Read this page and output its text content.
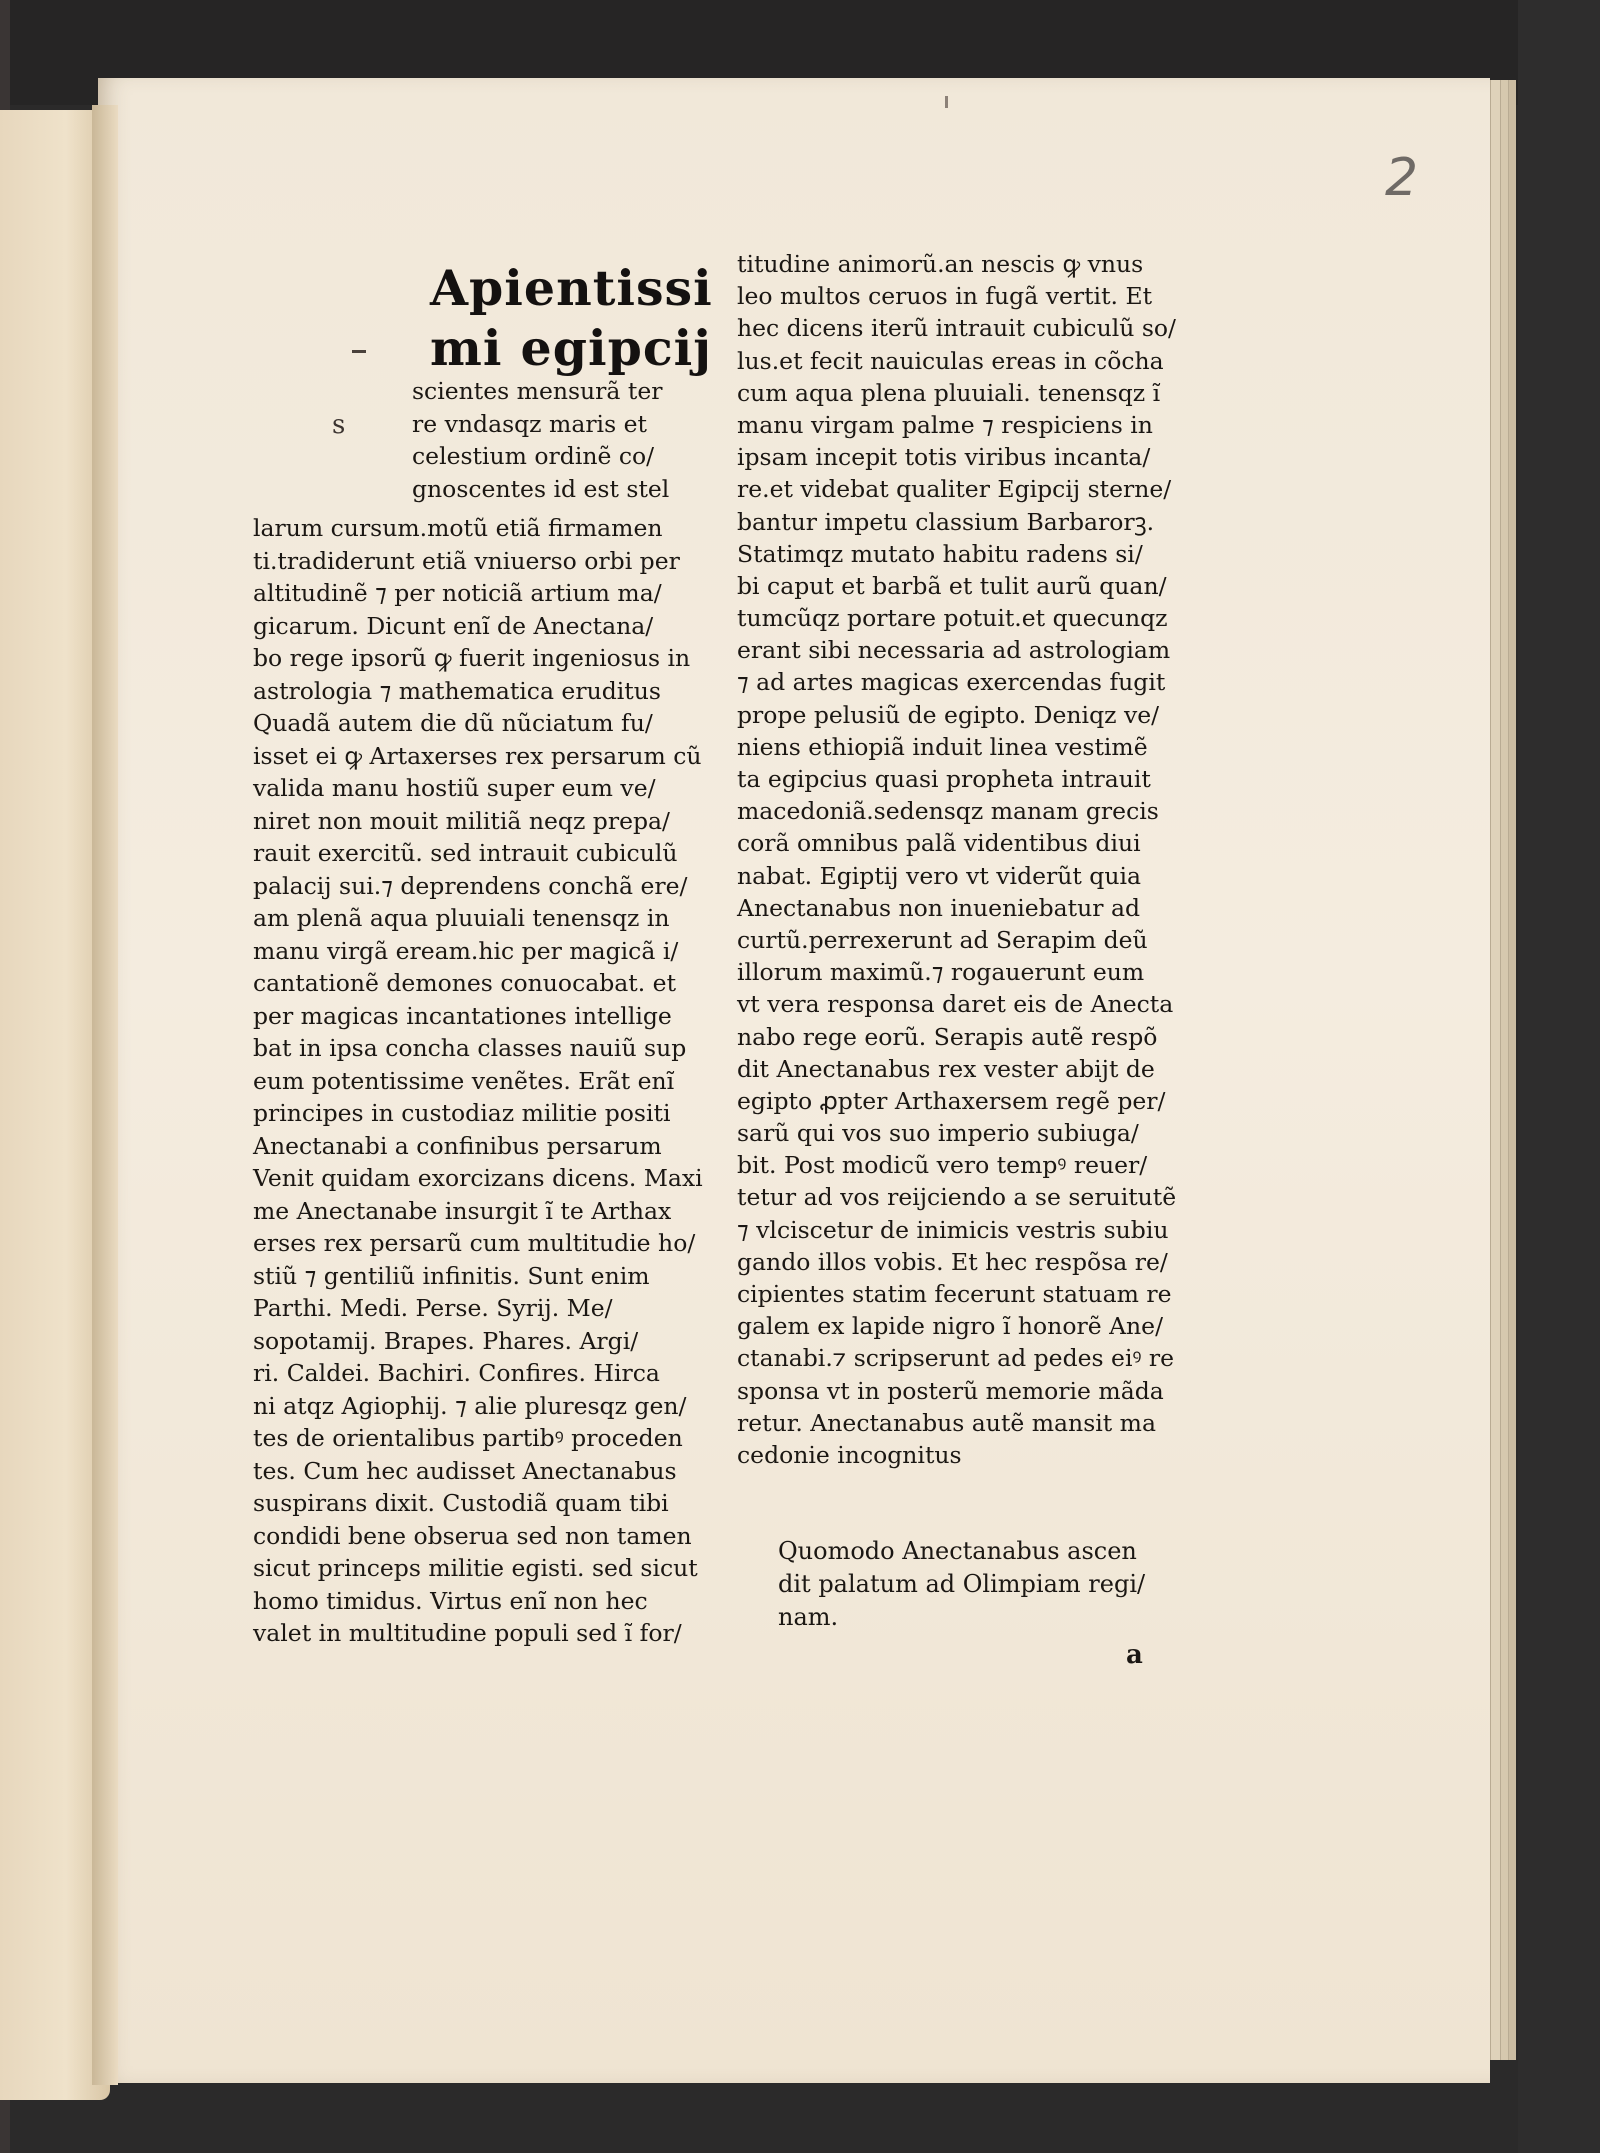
2
Apientissi
mi egipcij
s
scientes mensurã ter
re vndasqz maris et
celestium ordinẽ co/
gnoscentes id est stel
larum cursum.motũ etiã firmamen
ti.tradiderunt etiã vniuerso orbi per
altitudinẽ ⁊ per noticiã artium ma/
gicarum. Dicunt enĩ de Anectana/
bo rege ipsorũ ꝙ fuerit ingeniosus in
astrologia ⁊ mathematica eruditus
Quadã autem die dũ nũciatum fu/
isset ei ꝙ Artaxerses rex persarum cũ
valida manu hostiũ super eum ve/
niret non mouit militiã neqz prepa/
rauit exercitũ. sed intrauit cubiculũ
palacij sui.⁊ deprendens conchã ere/
am plenã aqua pluuiali tenensqz in
manu virgã eream.hic per magicã i/
cantationẽ demones conuocabat. et
per magicas incantationes intellige
bat in ipsa concha classes nauiũ sup
eum potentissime venẽtes. Erãt enĩ
principes in custodiaz militie positi
Anectanabi a confinibus persarum
Venit quidam exorcizans dicens. Maxi
me Anectanabe insurgit ĩ te Arthax
erses rex persarũ cum multitudie ho/
stiũ ⁊ gentiliũ infinitis. Sunt enim
Parthi. Medi. Perse. Syrij. Me/
sopotamij. Brapes. Phares. Argi/
ri. Caldei. Bachiri. Confires. Hirca
ni atqz Agiophij. ⁊ alie pluresqz gen/
tes de orientalibus partibꝰ proceden
tes. Cum hec audisset Anectanabus
suspirans dixit. Custodiã quam tibi
condidi bene obserua sed non tamen
sicut princeps militie egisti. sed sicut
homo timidus. Virtus enĩ non hec
valet in multitudine populi sed ĩ for/
titudine animorũ.an nescis ꝙ vnus
leo multos ceruos in fugã vertit. Et
hec dicens iterũ intrauit cubiculũ so/
lus.et fecit nauiculas ereas in cõcha
cum aqua plena pluuiali. tenensqz ĩ
manu virgam palme ⁊ respiciens in
ipsam incepit totis viribus incanta/
re.et videbat qualiter Egipcij sterne/
bantur impetu classium Barbarorꝫ.
Statimqz mutato habitu radens si/
bi caput et barbã et tulit aurũ quan/
tumcũqz portare potuit.et quecunqz
erant sibi necessaria ad astrologiam
⁊ ad artes magicas exercendas fugit
prope pelusiũ de egipto. Deniqz ve/
niens ethiopiã induit linea vestimẽ
ta egipcius quasi propheta intrauit
macedoniã.sedensqz manam grecis
corã omnibus palã videntibus diui
nabat. Egiptij vero vt viderũt quia
Anectanabus non inueniebatur ad
curtũ.perrexerunt ad Serapim deũ
illorum maximũ.⁊ rogauerunt eum
vt vera responsa daret eis de Anecta
nabo rege eorũ. Serapis autẽ respõ
dit Anectanabus rex vester abijt de
egipto ꝓpter Arthaxersem regẽ per/
sarũ qui vos suo imperio subiuga/
bit. Post modicũ vero tempꝰ reuer/
tetur ad vos reijciendo a se seruitutẽ
⁊ vlciscetur de inimicis vestris subiu
gando illos vobis. Et hec respõsa re/
cipientes statim fecerunt statuam re
galem ex lapide nigro ĩ honorẽ Ane/
ctanabi.⁊ scripserunt ad pedes eiꝰ re
sponsa vt in posterũ memorie mãda
retur. Anectanabus autẽ mansit ma
cedonie incognitus
Quomodo Anectanabus ascen
dit palatum ad Olimpiam regi/
nam.
a
